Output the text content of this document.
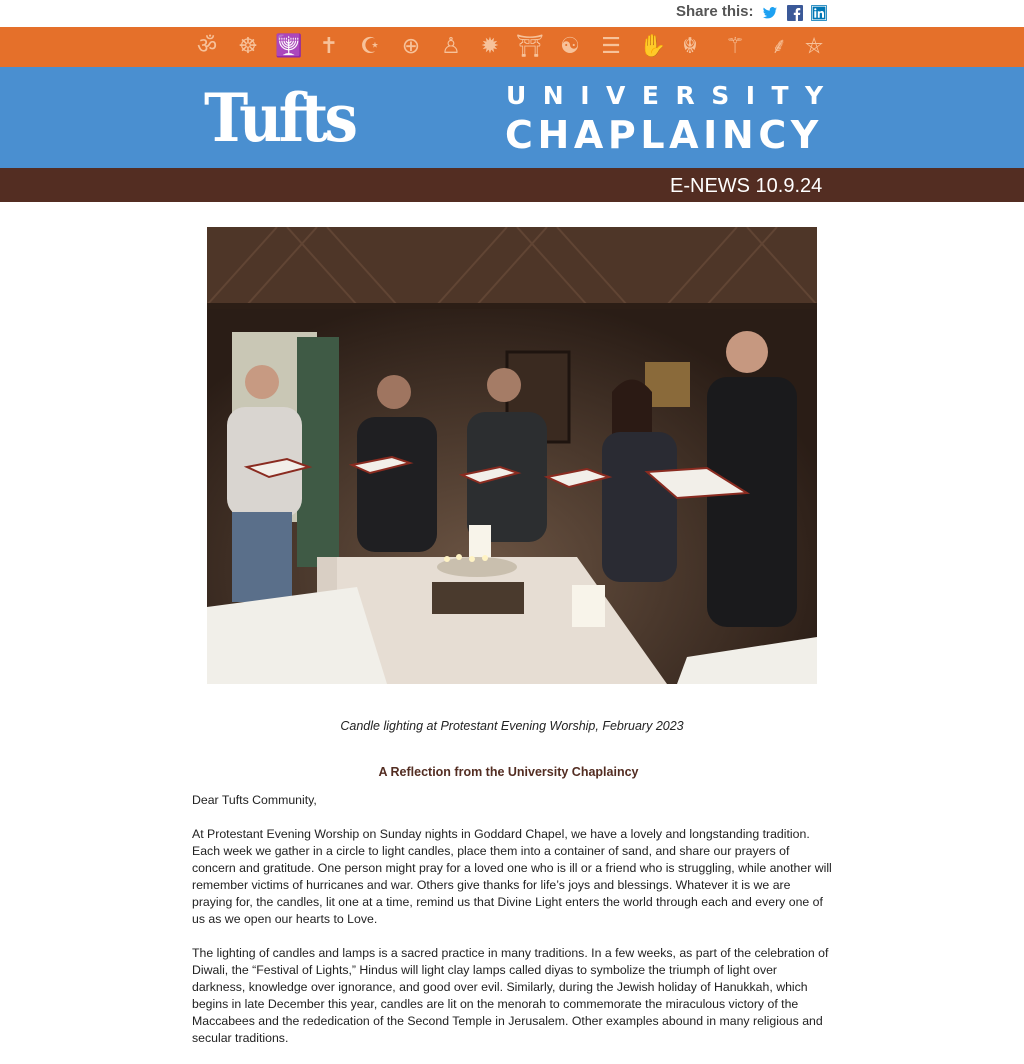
Share this:
ॐ ☸ 🕎 ✝ ☪ ⊕ ♙ ✹ ⛩ ☯ ☰ ✋ ☬	⚚	⸙ ⛤
Tufts	UNIVERSITY
CHAPLAINCY
E-NEWS 10.9.24
Candle lighting at Protestant Evening Worship, February 2023
A Reflection from the University Chaplaincy

Dear Tufts Community,

At Protestant Evening Worship on Sunday nights in Goddard Chapel, we have a lovely and longstanding tradition. Each week we gather in a circle to light candles, place them into a container of sand, and share our prayers of concern and gratitude. One person might pray for a loved one who is ill or a friend who is struggling, while another will remember victims of hurricanes and war. Others give thanks for life’s joys and blessings. Whatever it is we are praying for, the candles, lit one at a time, remind us that Divine Light enters the world through each and every one of us as we open our hearts to Love.

The lighting of candles and lamps is a sacred practice in many traditions. In a few weeks, as part of the celebration of Diwali, the “Festival of Lights,” Hindus will light clay lamps called diyas to symbolize the triumph of light over darkness, knowledge over ignorance, and good over evil. Similarly, during the Jewish holiday of Hanukkah, which begins in late December this year, candles are lit on the menorah to commemorate the miraculous victory of the Maccabees and the rededication of the Second Temple in Jerusalem. Other examples abound in many religious and secular traditions.
